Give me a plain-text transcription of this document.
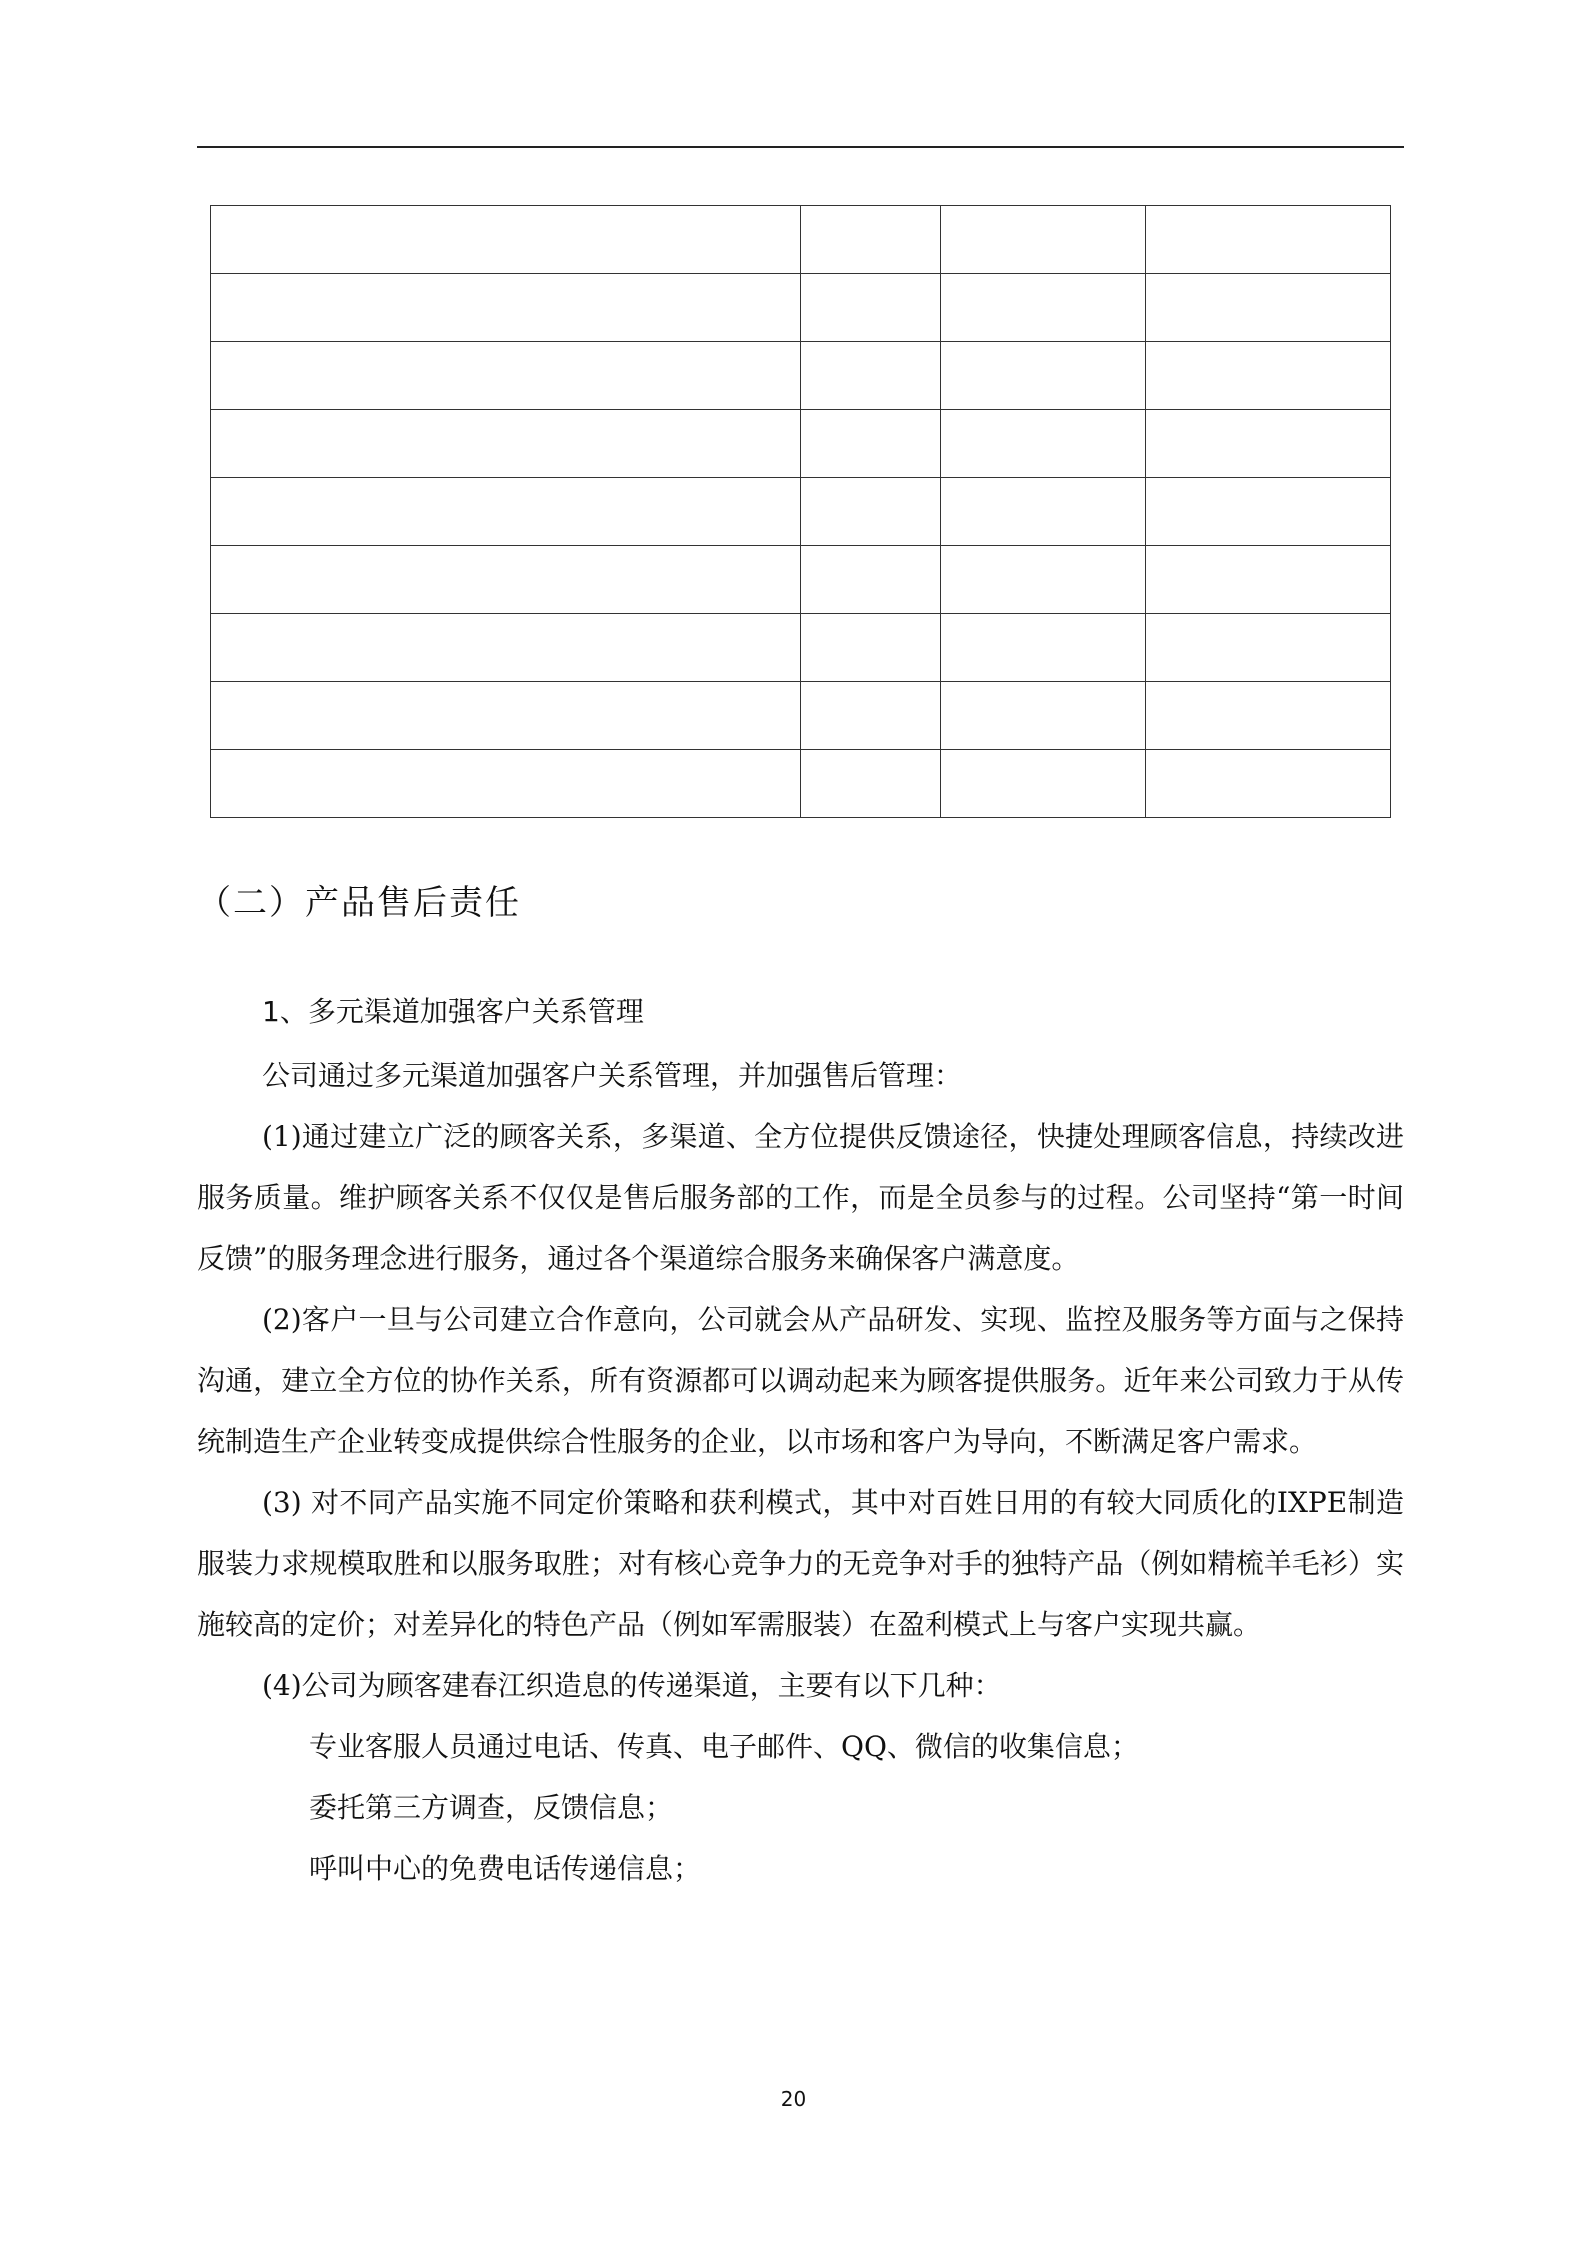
（二）产品售后责任
1、多元渠道加强客户关系管理

公司通过多元渠道加强客户关系管理，并加强售后管理：

(1)通过建立广泛的顾客关系，多渠道、全方位提供反馈途径，快捷处理顾客信息，持续改进服务质量。维护顾客关系不仅仅是售后服务部的工作，而是全员参与的过程。公司坚持“第一时间反馈”的服务理念进行服务，通过各个渠道综合服务来确保客户满意度。

(2)客户一旦与公司建立合作意向，公司就会从产品研发、实现、监控及服务等方面与之保持沟通，建立全方位的协作关系，所有资源都可以调动起来为顾客提供服务。近年来公司致力于从传统制造生产企业转变成提供综合性服务的企业，以市场和客户为导向，不断满足客户需求。

(3) 对不同产品实施不同定价策略和获利模式，其中对百姓日用的有较大同质化的IXPE制造服装力求规模取胜和以服务取胜；对有核心竞争力的无竞争对手的独特产品（例如精梳羊毛衫）实施较高的定价；对差异化的特色产品（例如军需服装）在盈利模式上与客户实现共赢。

(4)公司为顾客建春江织造息的传递渠道，主要有以下几种：

专业客服人员通过电话、传真、电子邮件、QQ、微信的收集信息；

委托第三方调查，反馈信息；

呼叫中心的免费电话传递信息；

20
